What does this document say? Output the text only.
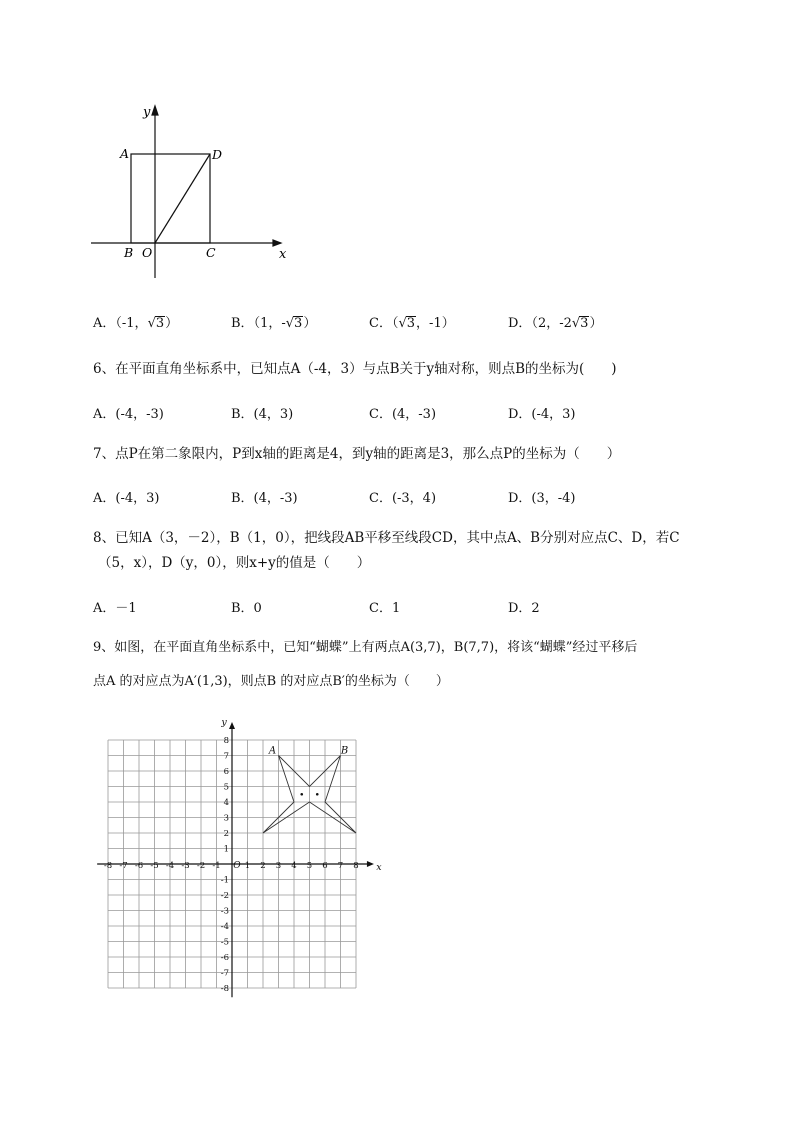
y
A	D
B O	C	x
A．（-1，√3）	B．（1，-√3）	C．（√3，-1）	D．（2，-2√3）
6、在平面直角坐标系中，已知点A（-4，3）与点B关于y轴对称，则点B的坐标为(　　)
A．(-4，-3)	B．(4，3)	C．(4，-3)	D．(-4，3)
7、点P在第二象限内，P到x轴的距离是4，到y轴的距离是3，那么点P的坐标为（　　）
A．(-4，3)	B．(4，-3)	C．(-3，4)	D．(3，-4)
8、已知A（3，－2），B（1，0），把线段AB平移至线段CD，其中点A、B分别对应点C、D，若C
（5，x），D（y，0），则x+y的值是（　　）
A．－1	B．0	C．1	D．2
9、如图，在平面直角坐标系中，已知“蝴蝶”上有两点A(3,7)，B(7,7)，将该“蝴蝶”经过平移后
点A 的对应点为A′(1,3)，则点B 的对应点B′的坐标为（　　）
-8 -7 -6 -5 -4 -3 -2 -1	1 2 3 4 5 6 7 8
8
7
6
5
4
3
2
1
-1
-2
-3
-4
-5
-6
-7
-8
O	x
y
A	B
